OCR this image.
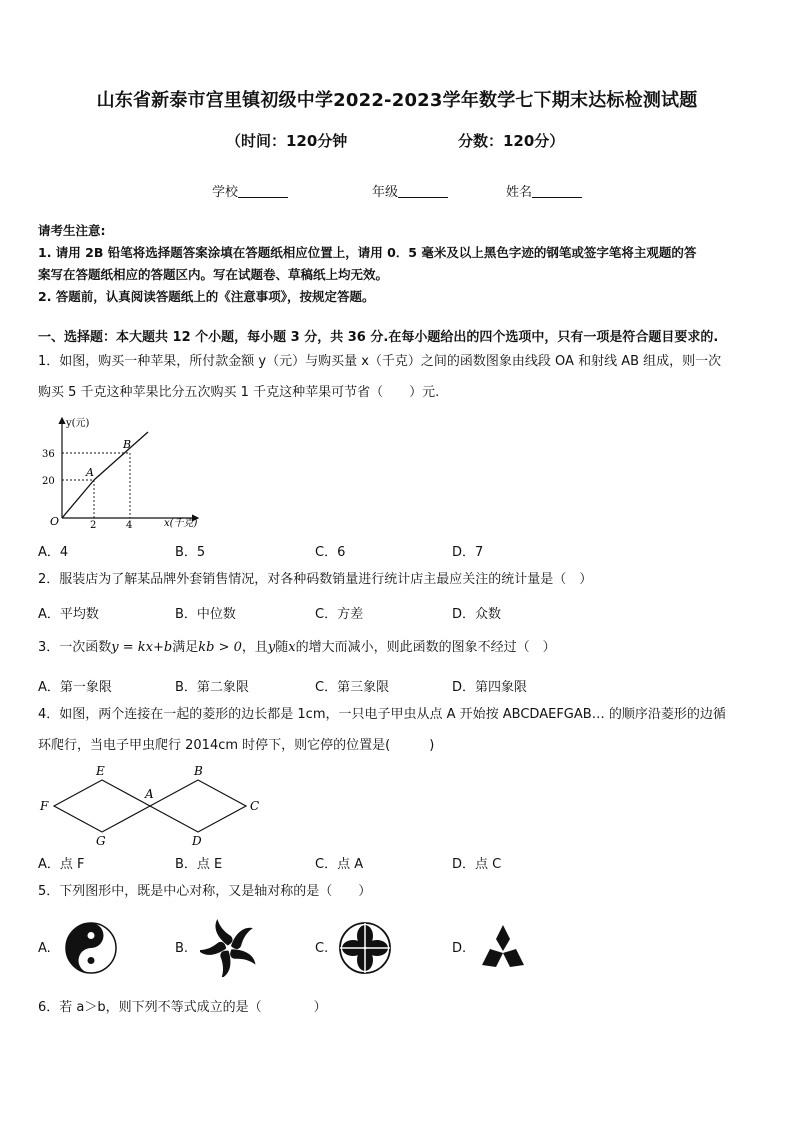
山东省新泰市宫里镇初级中学2022-2023学年数学七下期末达标检测试题
（时间：120分钟	分数：120分）
学校	年级	姓名
请考生注意:
1. 请用 2B 铅笔将选择题答案涂填在答题纸相应位置上，请用 0．5 毫米及以上黑色字迹的钢笔或签字笔将主观题的答
案写在答题纸相应的答题区内。写在试题卷、草稿纸上均无效。
2. 答题前，认真阅读答题纸上的《注意事项》，按规定答题。
一、选择题：本大题共 12 个小题，每小题 3 分，共 36 分.在每小题给出的四个选项中，只有一项是符合题目要求的.
1．如图，购买一种苹果，所付款金额 y（元）与购买量 x（千克）之间的函数图象由线段 OA 和射线 AB 组成，则一次
购买 5 千克这种苹果比分五次购买 1 千克这种苹果可节省（　　）元.
y(元)
x(千克)
O
A
B
36
20
2	4
A．4	B．5	C．6	D．7
2．服装店为了解某品牌外套销售情况，对各种码数销量进行统计店主最应关注的统计量是（　）
A．平均数	B．中位数	C．方差	D．众数
3．一次函数y = kx+b满足kb > 0，且y随x的增大而减小，则此函数的图象不经过（　）
A．第一象限	B．第二象限	C．第三象限	D．第四象限
4．如图，两个连接在一起的菱形的边长都是 1cm，一只电子甲虫从点 A 开始按 ABCDAEFGAB… 的顺序沿菱形的边循
环爬行，当电子甲虫爬行 2014cm 时停下，则它停的位置是(　　　)
E	B
F
A
C
G	D
A．点 F	B．点 E	C．点 A	D．点 C
5．下列图形中，既是中心对称，又是轴对称的是（　　）
A.	B.	C.	D.
6．若 a＞b，则下列不等式成立的是（　　　　）
